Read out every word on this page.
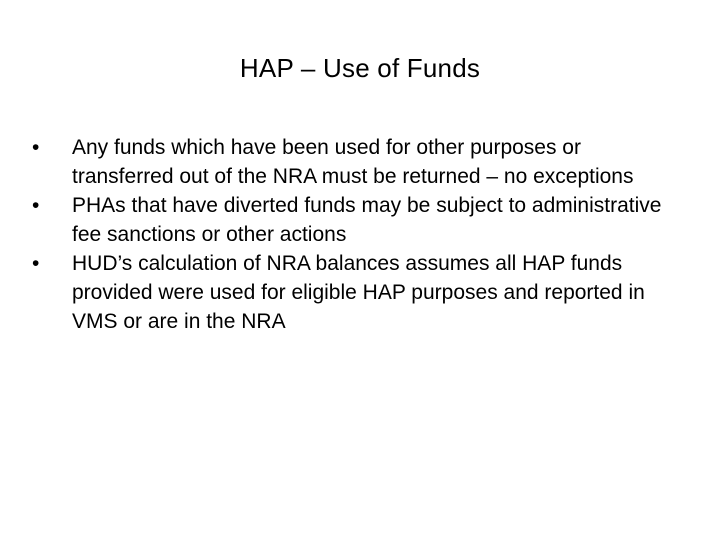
HAP – Use of Funds
•	Any funds which have been used for other purposes or transferred out of the NRA must be returned – no exceptions
•	PHAs that have diverted funds may be subject to administrative fee sanctions or other actions
•	HUD’s calculation of NRA balances assumes all HAP funds provided were used for eligible HAP purposes and reported in VMS or are in the NRA
